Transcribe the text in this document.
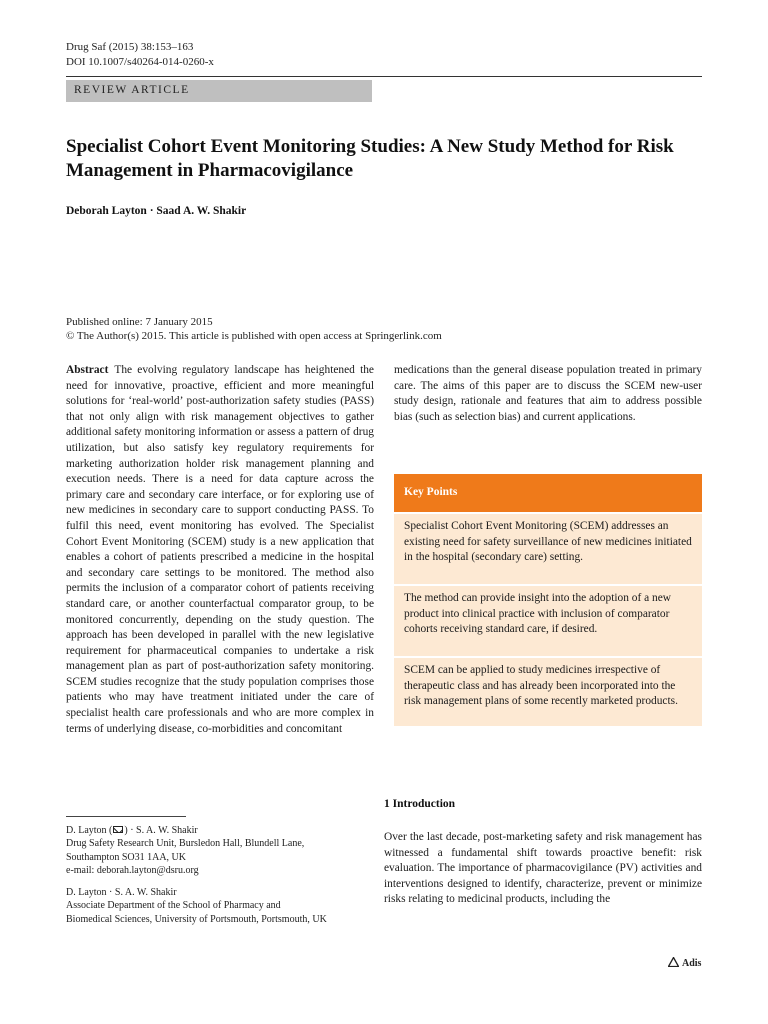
Drug Saf (2015) 38:153–163
DOI 10.1007/s40264-014-0260-x
REVIEW ARTICLE
Specialist Cohort Event Monitoring Studies: A New Study Method for Risk Management in Pharmacovigilance
Deborah Layton · Saad A. W. Shakir
Published online: 7 January 2015
© The Author(s) 2015. This article is published with open access at Springerlink.com

Abstract The evolving regulatory landscape has heightened the need for innovative, proactive, efficient and more meaningful solutions for ‘real-world’ post-authorization safety studies (PASS) that not only align with risk management objectives to gather additional safety monitoring information or assess a pattern of drug utilization, but also satisfy key regulatory requirements for marketing authorization holder risk management planning and execution needs. There is a need for data capture across the primary care and secondary care interface, or for exploring use of new medicines in secondary care to support conducting PASS. To fulfil this need, event monitoring has evolved. The Specialist Cohort Event Monitoring (SCEM) study is a new application that enables a cohort of patients prescribed a medicine in the hospital and secondary care settings to be monitored. The method also permits the inclusion of a comparator cohort of patients receiving standard care, or another counterfactual comparator group, to be monitored concurrently, depending on the study question. The approach has been developed in parallel with the new legislative requirement for pharmaceutical companies to undertake a risk management plan as part of post-authorization safety monitoring. SCEM studies recognize that the study population comprises those patients who may have treatment initiated under the care of specialist health care professionals and who are more complex in terms of underlying disease, co-morbidities and concomitant

D. Layton ( ) · S. A. W. Shakir
Drug Safety Research Unit, Bursledon Hall, Blundell Lane,
Southampton SO31 1AA, UK
e-mail: deborah.layton@dsru.org
D. Layton · S. A. W. Shakir
Associate Department of the School of Pharmacy and
Biomedical Sciences, University of Portsmouth, Portsmouth, UK

medications than the general disease population treated in primary care. The aims of this paper are to discuss the SCEM new-user study design, rationale and features that aim to address possible bias (such as selection bias) and current applications.

Key Points
Specialist Cohort Event Monitoring (SCEM) addresses an existing need for safety surveillance of new medicines initiated in the hospital (secondary care) setting.
The method can provide insight into the adoption of a new product into clinical practice with inclusion of comparator cohorts receiving standard care, if desired.
SCEM can be applied to study medicines irrespective of therapeutic class and has already been incorporated into the risk management plans of some recently marketed products.
1 Introduction

Over the last decade, post-marketing safety and risk management has witnessed a fundamental shift towards proactive benefit: risk evaluation. The importance of pharmacovigilance (PV) activities and interventions designed to identify, characterize, prevent or minimize risks relating to medicinal products, including the

Adis
